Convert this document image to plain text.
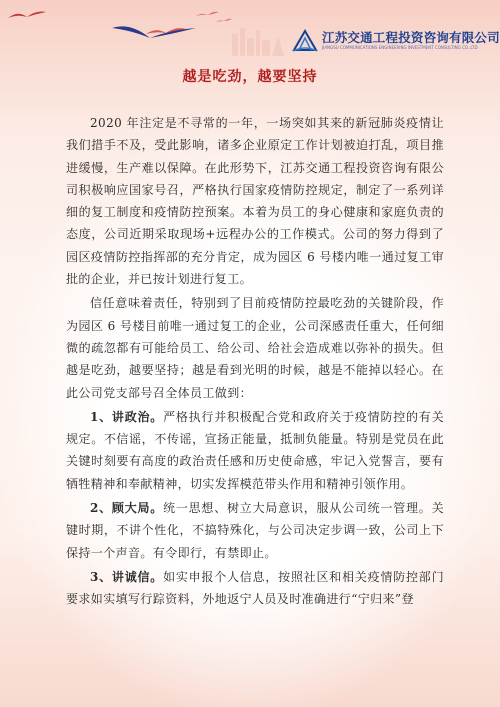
江苏交通工程投资咨询有限公司
JIANGSU COMMUNICATIONS ENGINEERING INVESTMENT CONSULTING CO.,LTD
越是吃劲，越要坚持

2020 年注定是不寻常的一年，一场突如其来的新冠肺炎疫情让我们措手不及，受此影响，诸多企业原定工作计划被迫打乱，项目推进缓慢，生产难以保障。在此形势下，江苏交通工程投资咨询有限公司积极响应国家号召，严格执行国家疫情防控规定，制定了一系列详细的复工制度和疫情防控预案。本着为员工的身心健康和家庭负责的态度，公司近期采取现场+远程办公的工作模式。公司的努力得到了园区疫情防控指挥部的充分肯定，成为园区 6 号楼内唯一通过复工审批的企业，并已按计划进行复工。

信任意味着责任，特别到了目前疫情防控最吃劲的关键阶段，作为园区 6 号楼目前唯一通过复工的企业，公司深感责任重大，任何细微的疏忽都有可能给员工、给公司、给社会造成难以弥补的损失。但越是吃劲，越要坚持；越是看到光明的时候，越是不能掉以轻心。在此公司党支部号召全体员工做到：

1、讲政治。严格执行并积极配合党和政府关于疫情防控的有关规定。不信谣，不传谣，宣扬正能量，抵制负能量。特别是党员在此关键时刻要有高度的政治责任感和历史使命感，牢记入党誓言，要有牺牲精神和奉献精神，切实发挥模范带头作用和精神引领作用。

2、顾大局。统一思想、树立大局意识，服从公司统一管理。关键时期，不讲个性化，不搞特殊化，与公司决定步调一致，公司上下保持一个声音。有令即行，有禁即止。

3、讲诚信。如实申报个人信息，按照社区和相关疫情防控部门要求如实填写行踪资料，外地返宁人员及时准确进行“宁归来”登
